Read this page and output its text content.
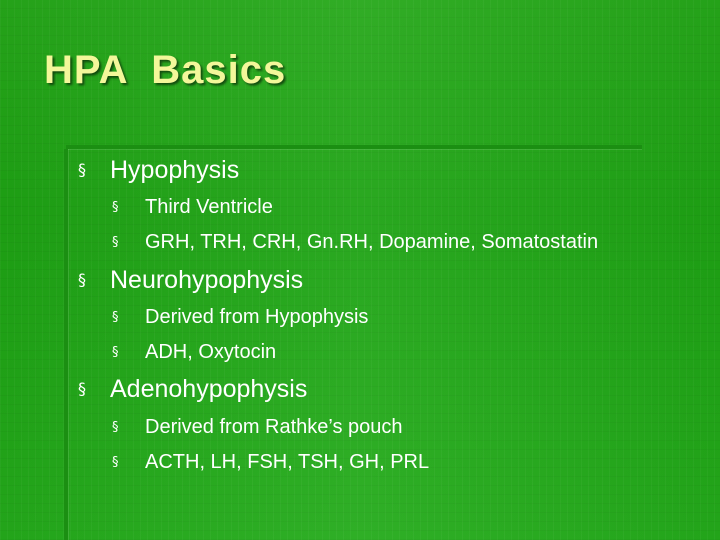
HPA  Basics
§ Hypophysis
§ Third Ventricle
§ GRH, TRH, CRH, Gn.RH, Dopamine, Somatostatin
§ Neurohypophysis
§ Derived from Hypophysis
§ ADH, Oxytocin
§ Adenohypophysis
§ Derived from Rathke’s pouch
§ ACTH, LH, FSH, TSH, GH, PRL
